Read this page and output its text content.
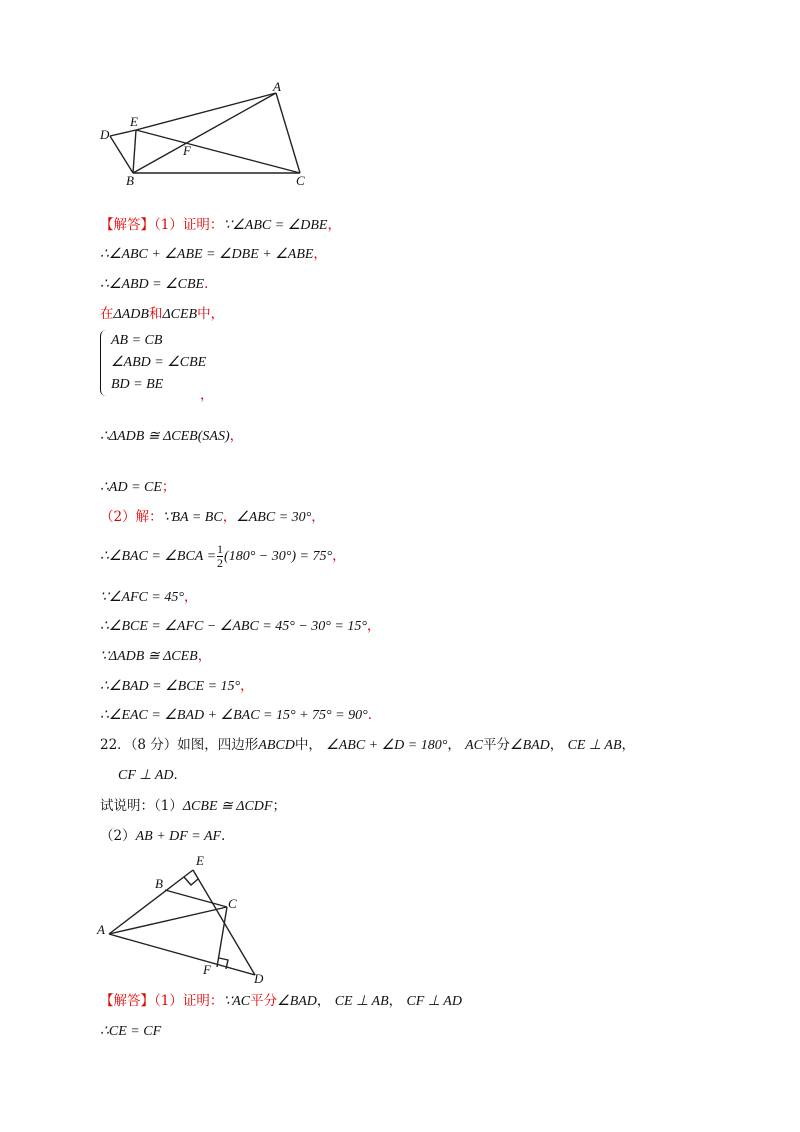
D
E
A
F
B	C
【解答】（1）证明：∵∠ABC = ∠DBE，
∴∠ABC + ∠ABE = ∠DBE + ∠ABE，
∴∠ABD = ∠CBE．
在ΔADB和ΔCEB中，
AB = CB
∠ABD = ∠CBE
BD = BE
，
∴ΔADB ≅ ΔCEB(SAS)，
∴AD = CE；
（2）解：∵BA = BC，∠ABC = 30°，
∴∠BAC = ∠BCA = $\frac{1}{2} (180^\circ - 30^\circ) = 75^\circ$，
∵∠AFC = 45°，
∴∠BCE = ∠AFC − ∠ABC = 45° − 30° = 15°，
∵ΔADB ≅ ΔCEB，
∴∠BAD = ∠BCE = 15°，
∴∠EAC = ∠BAD + ∠BAC = 15° + 75° = 90°．
22．（8 分）如图，四边形ABCD中， ∠ABC + ∠D = 180°， AC平分∠BAD， CE ⊥ AB，
CF ⊥ AD．
试说明：（1）ΔCBE ≅ ΔCDF；
（2）AB + DF = AF．
E
B
C
A
F
D
【解答】（1）证明：∵AC平分∠BAD， CE ⊥ AB， CF ⊥ AD
∴CE = CF
